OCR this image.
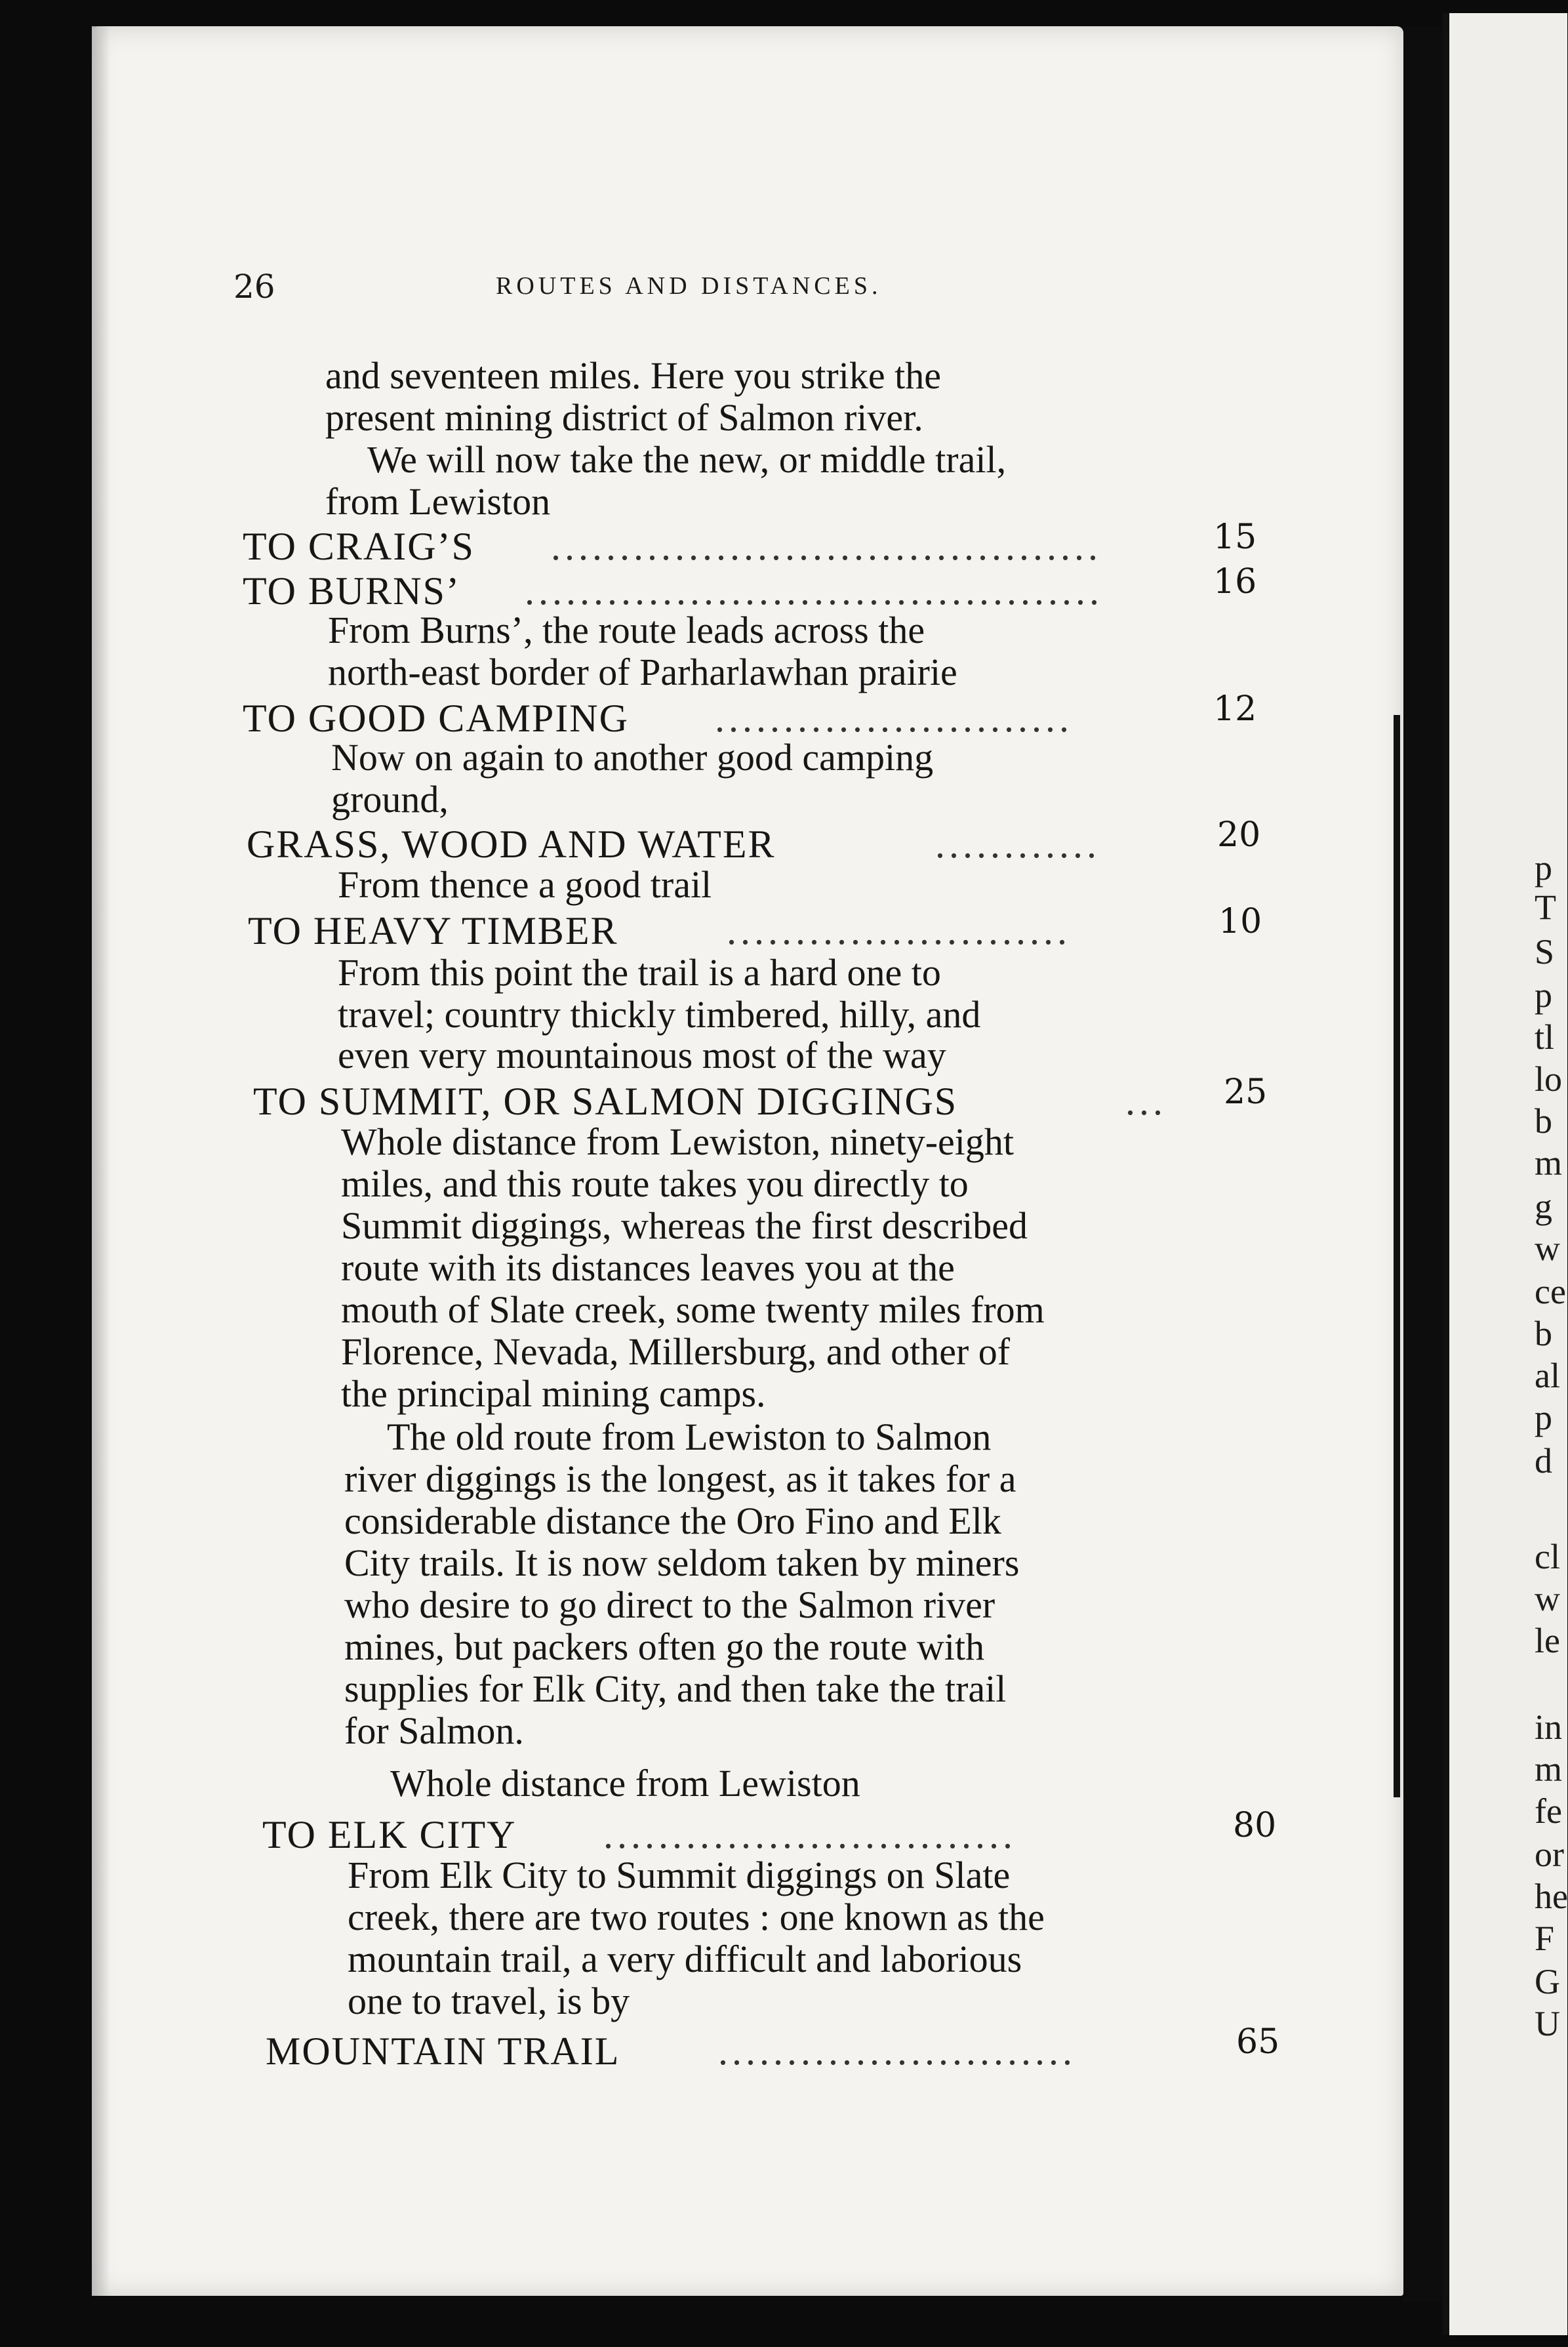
26	ROUTES AND DISTANCES.
and seventeen miles. Here you strike the
present mining district of Salmon river.
We will now take the new, or middle trail,
from Lewiston
TO CRAIG’S ........................................	15
TO BURNS’ ..........................................	16
From Burns’, the route leads across the
north-east border of Parharlawhan prairie
TO GOOD CAMPING ..........................	12
Now on again to another good camping
ground,
GRASS, WOOD AND WATER	............	20
From thence a good trail
TO HEAVY TIMBER	.........................	10
From this point the trail is a hard one to
travel; country thickly timbered, hilly, and
even very mountainous most of the way
TO SUMMIT, OR SALMON DIGGINGS	...	25
Whole distance from Lewiston, ninety-eight
miles, and this route takes you directly to
Summit diggings, whereas the first described
route with its distances leaves you at the
mouth of Slate creek, some twenty miles from
Florence, Nevada, Millersburg, and other of
the principal mining camps.
The old route from Lewiston to Salmon
river diggings is the longest, as it takes for a
considerable distance the Oro Fino and Elk
City trails. It is now seldom taken by miners
who desire to go direct to the Salmon river
mines, but packers often go the route with
supplies for Elk City, and then take the trail
for Salmon.
Whole distance from Lewiston
TO ELK CITY ..............................	80
From Elk City to Summit diggings on Slate
creek, there are two routes : one known as the
mountain trail, a very difficult and laborious
one to travel, is by
MOUNTAIN TRAIL ..........................	65
p
T
S
p
tl
lo
b
m
g
w
ce
b
al
p
d
cl
w
le
in
m
fe
or
he
F
G
U
